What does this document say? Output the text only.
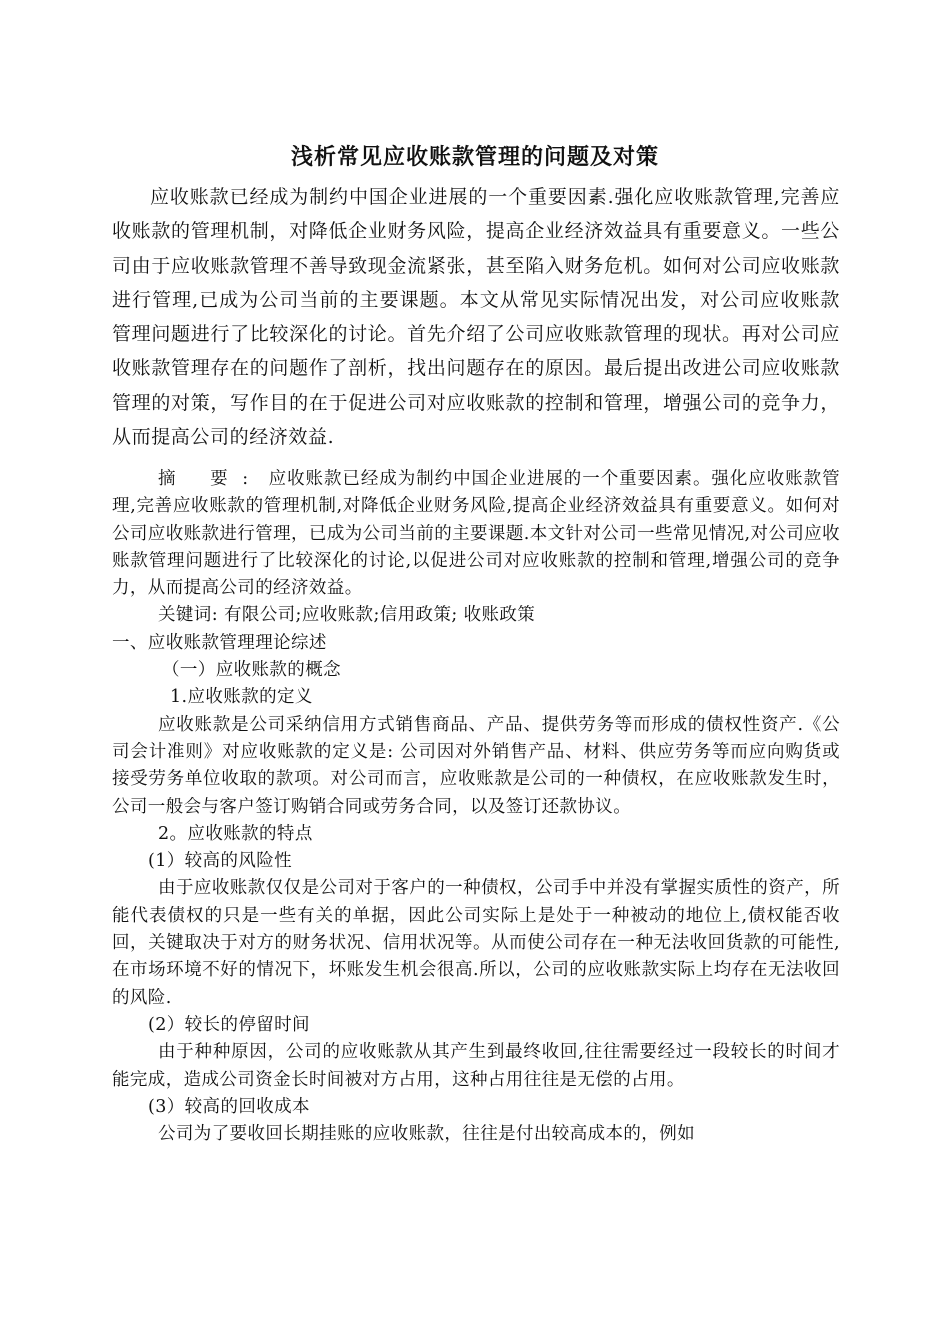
浅析常见应收账款管理的问题及对策

应收账款已经成为制约中国企业进展的一个重要因素.强化应收账款管理,完善应收账款的管理机制，对降低企业财务风险，提高企业经济效益具有重要意义。一些公司由于应收账款管理不善导致现金流紧张，甚至陷入财务危机。如何对公司应收账款进行管理,已成为公司当前的主要课题。本文从常见实际情况出发，对公司应收账款管理问题进行了比较深化的讨论。首先介绍了公司应收账款管理的现状。再对公司应收账款管理存在的问题作了剖析，找出问题存在的原因。最后提出改进公司应收账款管理的对策，写作目的在于促进公司对应收账款的控制和管理，增强公司的竞争力，从而提高公司的经济效益.

摘 要: 应收账款已经成为制约中国企业进展的一个重要因素。强化应收账款管理,完善应收账款的管理机制,对降低企业财务风险,提高企业经济效益具有重要意义。如何对公司应收账款进行管理，已成为公司当前的主要课题.本文针对公司一些常见情况,对公司应收账款管理问题进行了比较深化的讨论,以促进公司对应收账款的控制和管理,增强公司的竞争力，从而提高公司的经济效益。

关键词: 有限公司;应收账款;信用政策; 收账政策

一、应收账款管理理论综述

（一）应收账款的概念

1.应收账款的定义

应收账款是公司采纳信用方式销售商品、产品、提供劳务等而形成的债权性资产.《公司会计准则》对应收账款的定义是: 公司因对外销售产品、材料、供应劳务等而应向购货或接受劳务单位收取的款项。对公司而言，应收账款是公司的一种债权，在应收账款发生时，公司一般会与客户签订购销合同或劳务合同，以及签订还款协议。

2。应收账款的特点

(1）较高的风险性

由于应收账款仅仅是公司对于客户的一种债权，公司手中并没有掌握实质性的资产，所能代表债权的只是一些有关的单据，因此公司实际上是处于一种被动的地位上,债权能否收回，关键取决于对方的财务状况、信用状况等。从而使公司存在一种无法收回货款的可能性,在市场环境不好的情况下，坏账发生机会很高.所以，公司的应收账款实际上均存在无法收回的风险.

(2）较长的停留时间

由于种种原因，公司的应收账款从其产生到最终收回,往往需要经过一段较长的时间才能完成，造成公司资金长时间被对方占用，这种占用往往是无偿的占用。

(3）较高的回收成本

公司为了要收回长期挂账的应收账款，往往是付出较高成本的，例如
